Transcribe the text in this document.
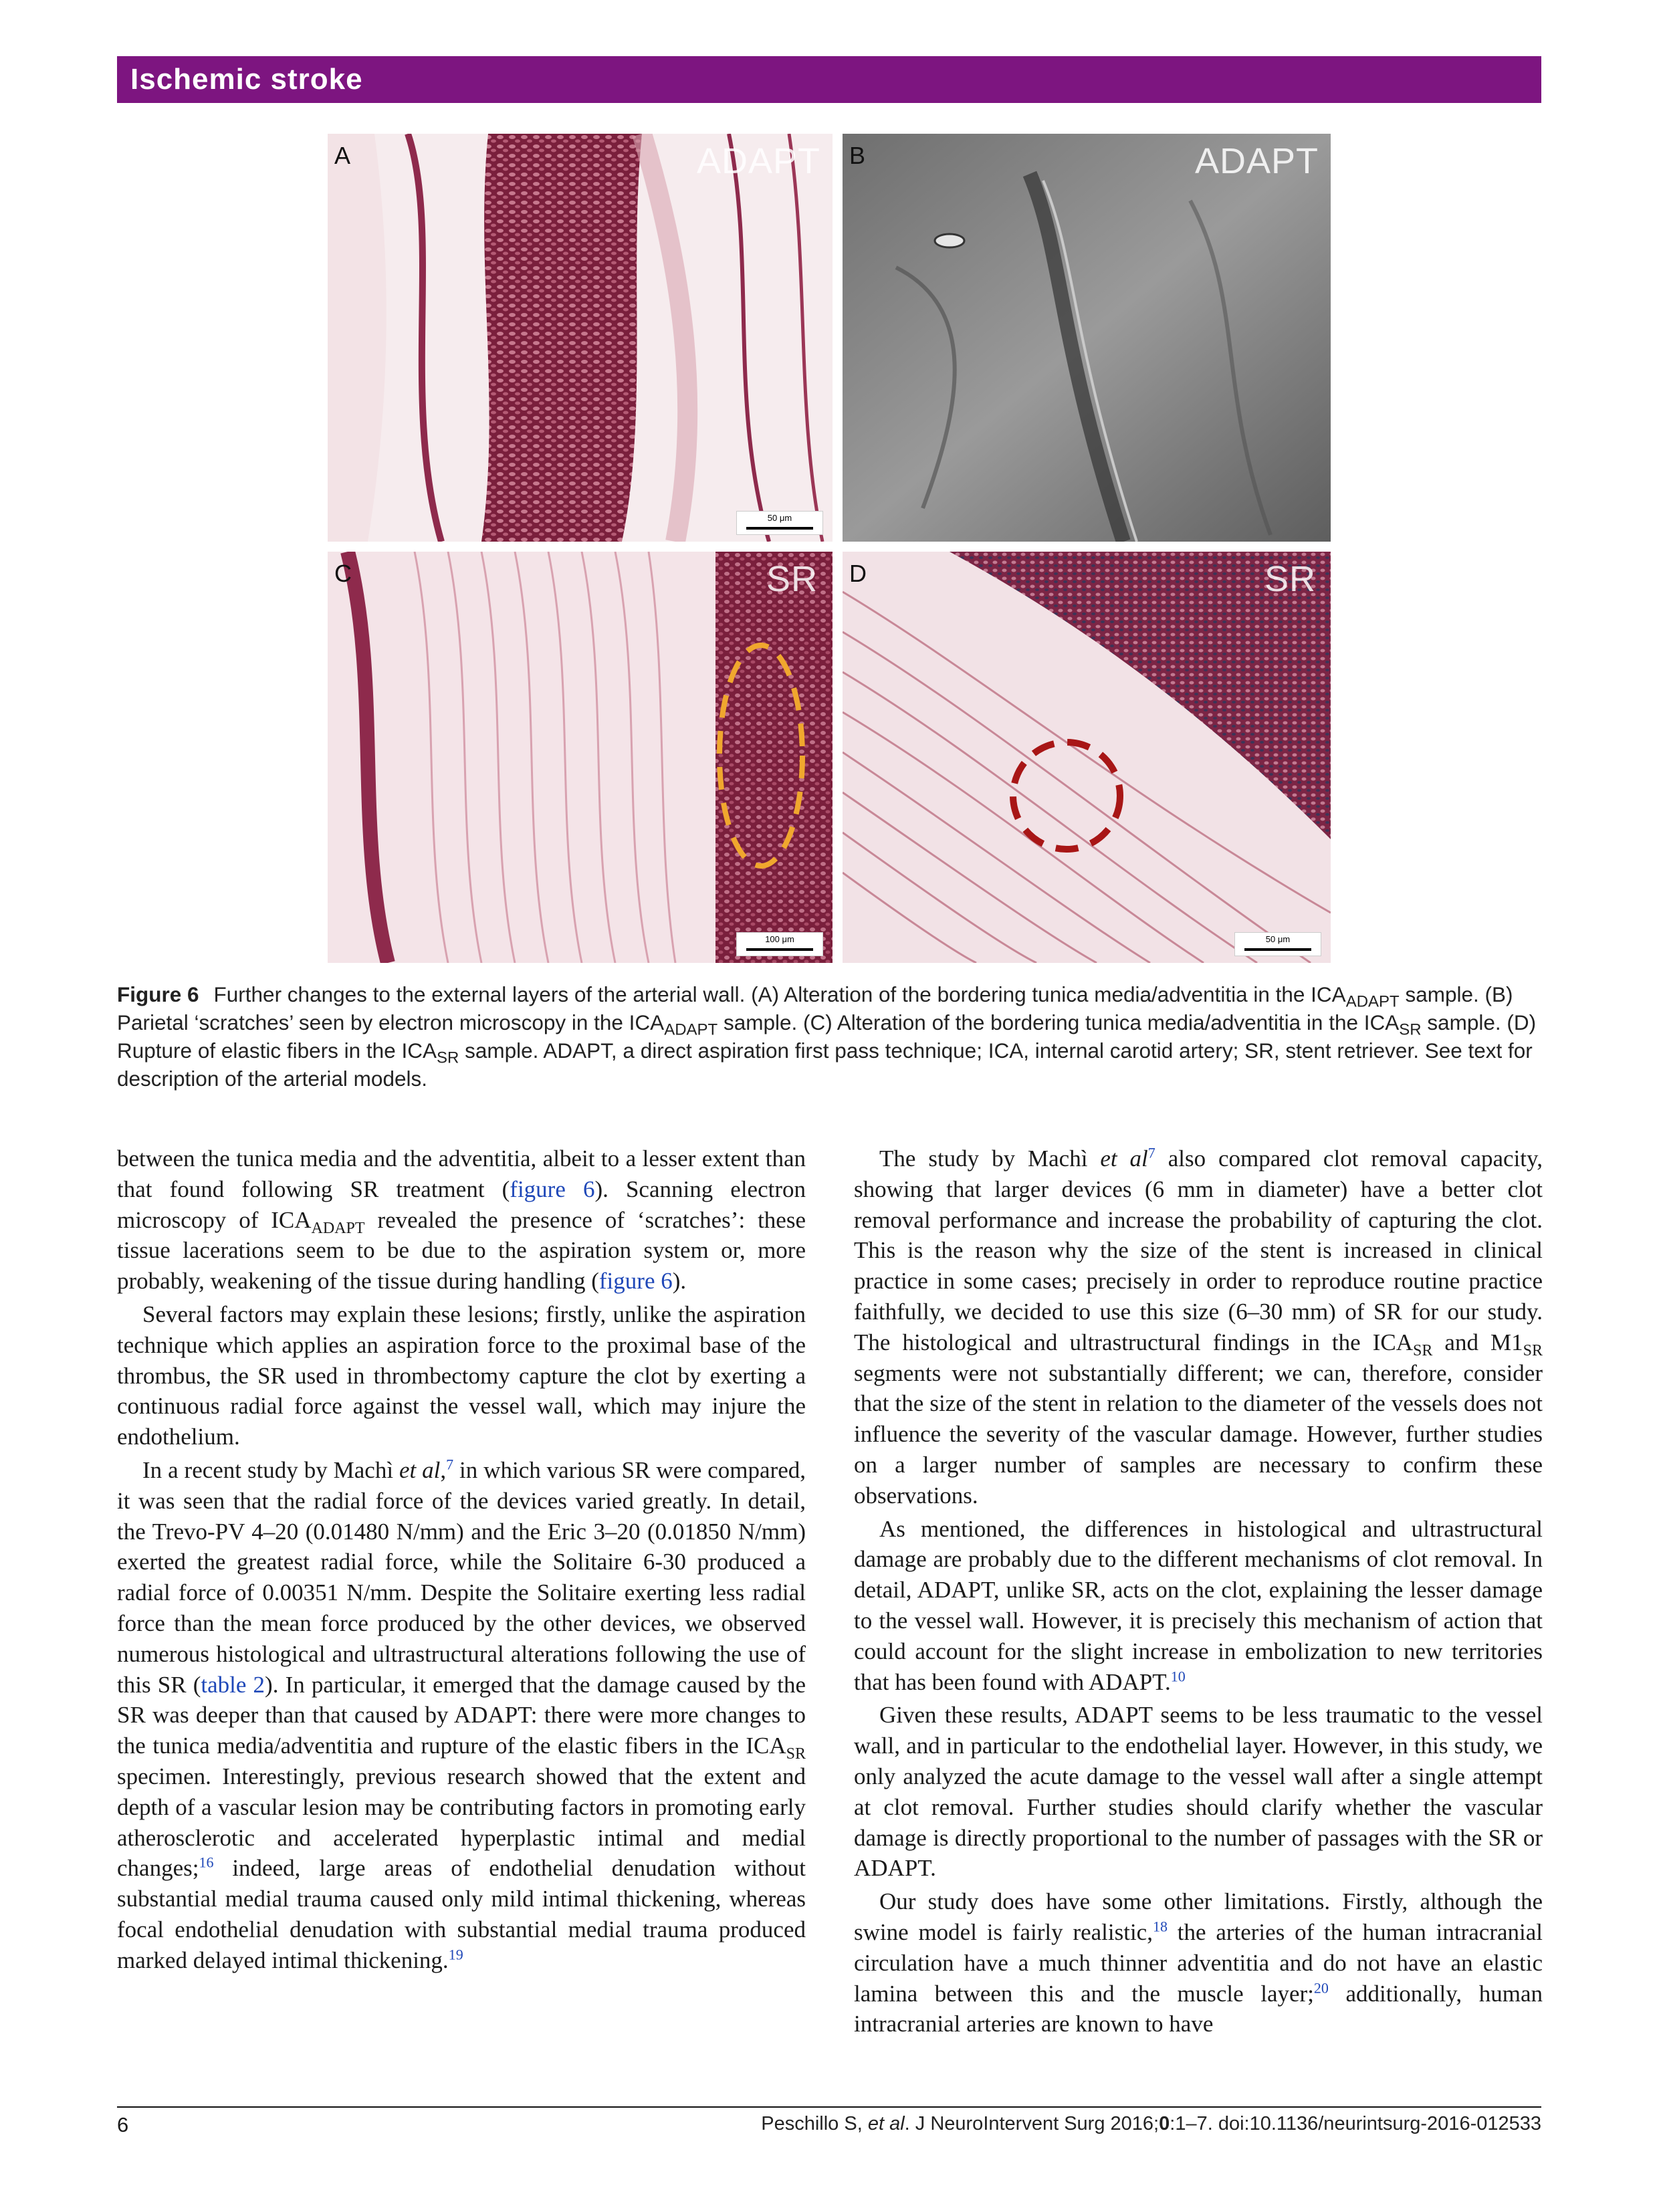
Ischemic stroke
A	ADAPT
50 μm
B	ADAPT
C	SR
100 μm
D	SR
50 μm
Figure 6 Further changes to the external layers of the arterial wall. (A) Alteration of the bordering tunica media/adventitia in the $ICA_{ADAPT}$ sample. (B) Parietal ‘scratches’ seen by electron microscopy in the $ICA_{ADAPT}$ sample. (C) Alteration of the bordering tunica media/adventitia in the $ICA_{SR}$ sample. (D) Rupture of elastic fibers in the $ICA_{SR}$ sample. ADAPT, a direct aspiration first pass technique; ICA, internal carotid artery; SR, stent retriever. See text for description of the arterial models.

between the tunica media and the adventitia, albeit to a lesser extent than that found following SR treatment (figure 6). Scanning electron microscopy of $ICA_{ADAPT}$ revealed the presence of ‘scratches’: these tissue lacerations seem to be due to the aspiration system or, more probably, weakening of the tissue during handling (figure 6).

Several factors may explain these lesions; firstly, unlike the aspiration technique which applies an aspiration force to the proximal base of the thrombus, the SR used in thrombectomy capture the clot by exerting a continuous radial force against the vessel wall, which may injure the endothelium.

In a recent study by Machì et al,$^7$ in which various SR were compared, it was seen that the radial force of the devices varied greatly. In detail, the Trevo-PV 4–20 (0.01480 N/mm) and the Eric 3–20 (0.01850 N/mm) exerted the greatest radial force, while the Solitaire 6-30 produced a radial force of 0.00351 N/mm. Despite the Solitaire exerting less radial force than the mean force produced by the other devices, we observed numerous histological and ultrastructural alterations following the use of this SR (table 2). In particular, it emerged that the damage caused by the SR was deeper than that caused by ADAPT: there were more changes to the tunica media/adventitia and rupture of the elastic fibers in the $ICA_{SR}$ specimen. Interestingly, previous research showed that the extent and depth of a vascular lesion may be contributing factors in promoting early atherosclerotic and accelerated hyperplastic intimal and medial changes;$^{16}$ indeed, large areas of endothelial denudation without substantial medial trauma caused only mild intimal thickening, whereas focal endothelial denudation with substantial medial trauma produced marked delayed intimal thickening.$^{19}$

The study by Machì et $al^7$ also compared clot removal capacity, showing that larger devices (6 mm in diameter) have a better clot removal performance and increase the probability of capturing the clot. This is the reason why the size of the stent is increased in clinical practice in some cases; precisely in order to reproduce routine practice faithfully, we decided to use this size (6–30 mm) of SR for our study. The histological and ultrastructural findings in the $ICA_{SR}$ and $M1_{SR}$ segments were not substantially different; we can, therefore, consider that the size of the stent in relation to the diameter of the vessels does not influence the severity of the vascular damage. However, further studies on a larger number of samples are necessary to confirm these observations.

As mentioned, the differences in histological and ultrastructural damage are probably due to the different mechanisms of clot removal. In detail, ADAPT, unlike SR, acts on the clot, explaining the lesser damage to the vessel wall. However, it is precisely this mechanism of action that could account for the slight increase in embolization to new territories that has been found with ADAPT.$^{10}$

Given these results, ADAPT seems to be less traumatic to the vessel wall, and in particular to the endothelial layer. However, in this study, we only analyzed the acute damage to the vessel wall after a single attempt at clot removal. Further studies should clarify whether the vascular damage is directly proportional to the number of passages with the SR or ADAPT.

Our study does have some other limitations. Firstly, although the swine model is fairly realistic,$^{18}$ the arteries of the human intracranial circulation have a much thinner adventitia and do not have an elastic lamina between this and the muscle layer;$^{20}$ additionally, human intracranial arteries are known to have

6	Peschillo S, et al. J NeuroIntervent Surg 2016;0:1–7. doi:10.1136/neurintsurg-2016-012533
